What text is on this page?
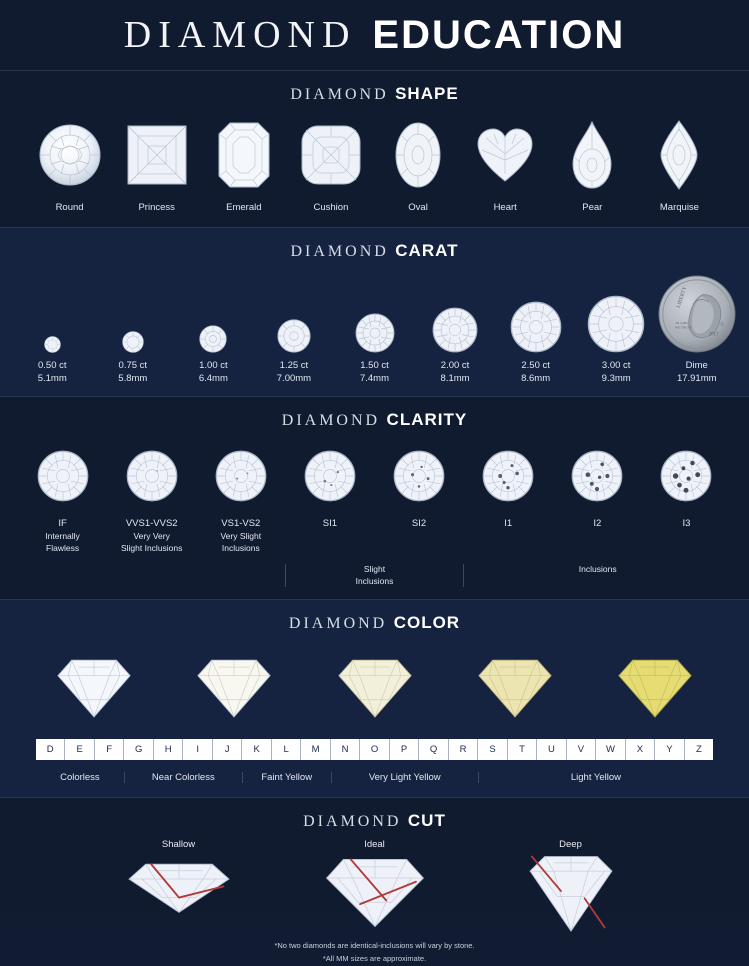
DIAMOND EDUCATION
DIAMOND SHAPE
Round	Princess	Emerald	Cushion	Oval	Heart	Pear	Marquise
DIAMOND CARAT
0.50 ct
5.1mm
0.75 ct
5.8mm
1.00 ct
6.4mm
1.25 ct
7.00mm
1.50 ct
7.4mm
2.00 ct
8.1mm
2.50 ct
8.6mm
3.00 ct
9.3mm
LIBERTY
IN GOD
WE TRUST
2017
D
Dime
17.91mm
DIAMOND CLARITY
IF
Internally
Flawless
VVS1-VVS2
Very Very
Slight Inclusions
VS1-VS2
Very Slight
Inclusions
SI1	SI2	I1	I2	I3
Slight
Inclusions
Inclusions
DIAMOND COLOR
D	E	F	G	H	I	J	K	L	M	N	O	P	Q	R	S	T	U	V	W	X	Y	Z
Colorless	Near Colorless	Faint Yellow	Very Light Yellow	Light Yellow
DIAMOND CUT
Shallow	Ideal	Deep
*No two diamonds are identical-inclusions will vary by stone.
*All MM sizes are approximate.
